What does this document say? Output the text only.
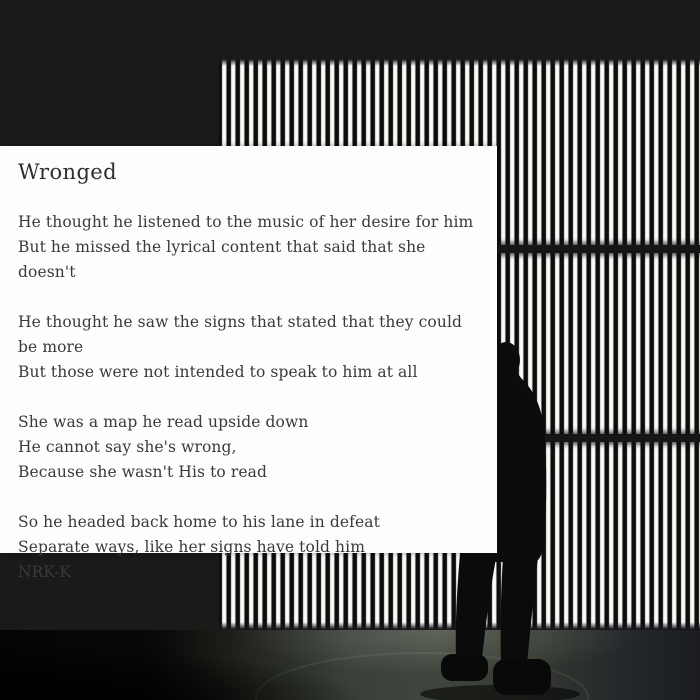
Wronged

He thought he listened to the music of her desire for him

But he missed the lyrical content that said that she doesn't

He thought he saw the signs that stated that they could be more

But those were not intended to speak to him at all

She was a map he read upside down

He cannot say she's wrong,

Because she wasn't His to read

So he headed back home to his lane in defeat

Separate ways, like her signs have told him

NRK-K
